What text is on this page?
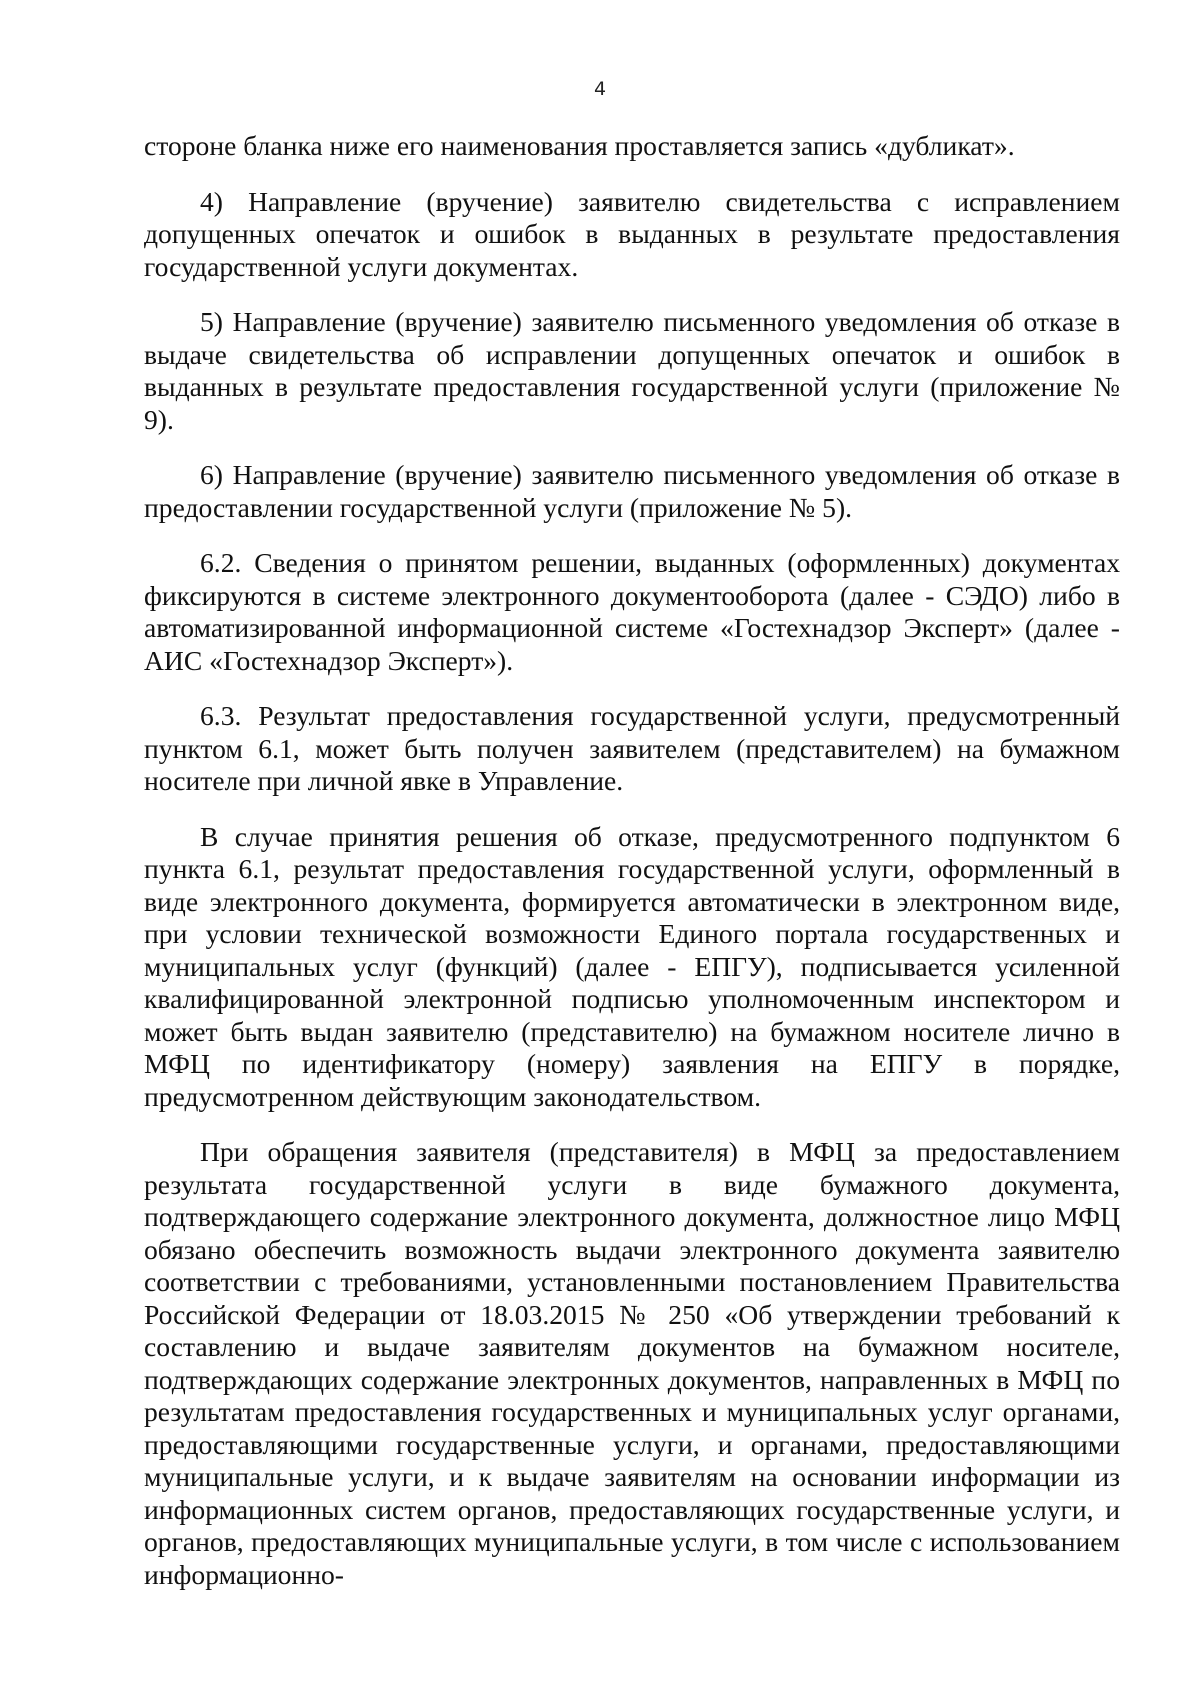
4

стороне бланка ниже его наименования проставляется запись «дубликат».

4) Направление (вручение) заявителю свидетельства с исправлением допущенных опечаток и ошибок в выданных в результате предоставления государственной услуги документах.

5) Направление (вручение) заявителю письменного уведомления об отказе в выдаче свидетельства об исправлении допущенных опечаток и ошибок в выданных в результате предоставления государственной услуги (приложение № 9).

6) Направление (вручение) заявителю письменного уведомления об отказе в предоставлении государственной услуги (приложение № 5).

6.2. Сведения о принятом решении, выданных (оформленных) документах фиксируются в системе электронного документооборота (далее - СЭДО) либо в автоматизированной информационной системе «Гостехнадзор Эксперт» (далее - АИС «Гостехнадзор Эксперт»).

6.3. Результат предоставления государственной услуги, предусмотренный пунктом 6.1, может быть получен заявителем (представителем) на бумажном носителе при личной явке в Управление.

В случае принятия решения об отказе, предусмотренного подпунктом 6 пункта 6.1, результат предоставления государственной услуги, оформленный в виде электронного документа, формируется автоматически в электронном виде, при условии технической возможности Единого портала государственных и муниципальных услуг (функций) (далее - ЕПГУ), подписывается усиленной квалифицированной электронной подписью уполномоченным инспектором и может быть выдан заявителю (представителю) на бумажном носителе лично в МФЦ по идентификатору (номеру) заявления на ЕПГУ в порядке, предусмотренном действующим законодательством.

При обращения заявителя (представителя) в МФЦ за предоставлением результата государственной услуги в виде бумажного документа, подтверждающего содержание электронного документа, должностное лицо МФЦ обязано обеспечить возможность выдачи электронного документа заявителю соответствии с требованиями, установленными постановлением Правительства Российской Федерации от 18.03.2015 № 250 «Об утверждении требований к составлению и выдаче заявителям документов на бумажном носителе, подтверждающих содержание электронных документов, направленных в МФЦ по результатам предоставления государственных и муниципальных услуг органами, предоставляющими государственные услуги, и органами, предоставляющими муниципальные услуги, и к выдаче заявителям на основании информации из информационных систем органов, предоставляющих государственные услуги, и органов, предоставляющих муниципальные услуги, в том числе с использованием информационно-
